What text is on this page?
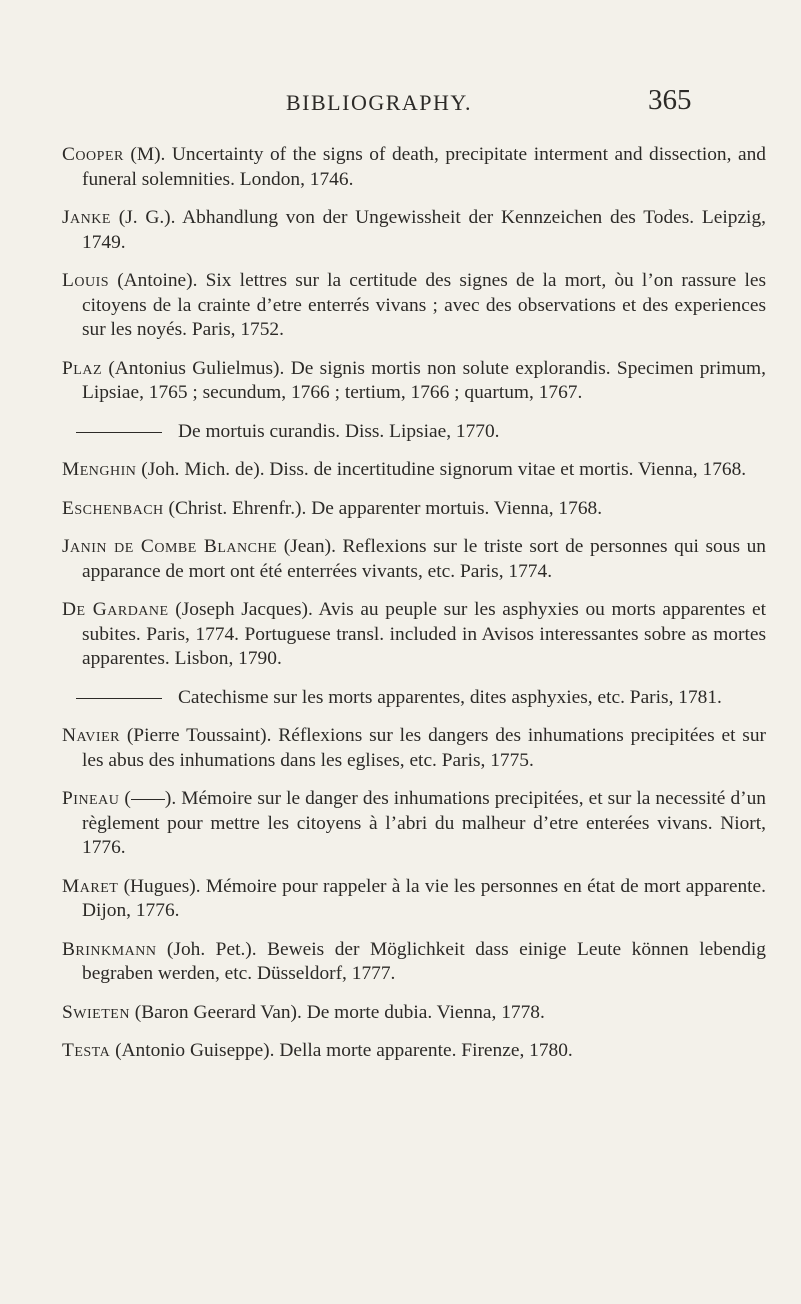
BIBLIOGRAPHY.	365

Cooper (M). Uncertainty of the signs of death, precipitate interment and dissection, and funeral solemnities. London, 1746.

Janke (J. G.). Abhandlung von der Ungewissheit der Kennzeichen des Todes. Leipzig, 1749.

Louis (Antoine). Six lettres sur la certitude des signes de la mort, òu l’on rassure les citoyens de la crainte d’etre enterrés vivans ; avec des observations et des experiences sur les noyés. Paris, 1752.

Plaz (Antonius Gulielmus). De signis mortis non solute explorandis. Specimen primum, Lipsiae, 1765 ; secundum, 1766 ; tertium, 1766 ; quartum, 1767.

De mortuis curandis. Diss. Lipsiae, 1770.

Menghin (Joh. Mich. de). Diss. de incertitudine signorum vitae et mortis. Vienna, 1768.

Eschenbach (Christ. Ehrenfr.). De apparenter mortuis. Vienna, 1768.

Janin de Combe Blanche (Jean). Reflexions sur le triste sort de personnes qui sous un apparance de mort ont été enterrées vivants, etc. Paris, 1774.

De Gardane (Joseph Jacques). Avis au peuple sur les asphyxies ou morts apparentes et subites. Paris, 1774. Portuguese transl. included in Avisos interessantes sobre as mortes apparentes. Lisbon, 1790.

Catechisme sur les morts apparentes, dites asphyxies, etc. Paris, 1781.

Navier (Pierre Toussaint). Réflexions sur les dangers des inhumations precipitées et sur les abus des inhumations dans les eglises, etc. Paris, 1775.

Pineau ( ). Mémoire sur le danger des inhumations precipitées, et sur la necessité d’un règlement pour mettre les citoyens à l’abri du malheur d’etre enterées vivans. Niort, 1776.

Maret (Hugues). Mémoire pour rappeler à la vie les personnes en état de mort apparente. Dijon, 1776.

Brinkmann (Joh. Pet.). Beweis der Möglichkeit dass einige Leute können lebendig begraben werden, etc. Düsseldorf, 1777.

Swieten (Baron Geerard Van). De morte dubia. Vienna, 1778.

Testa (Antonio Guiseppe). Della morte apparente. Firenze, 1780.
